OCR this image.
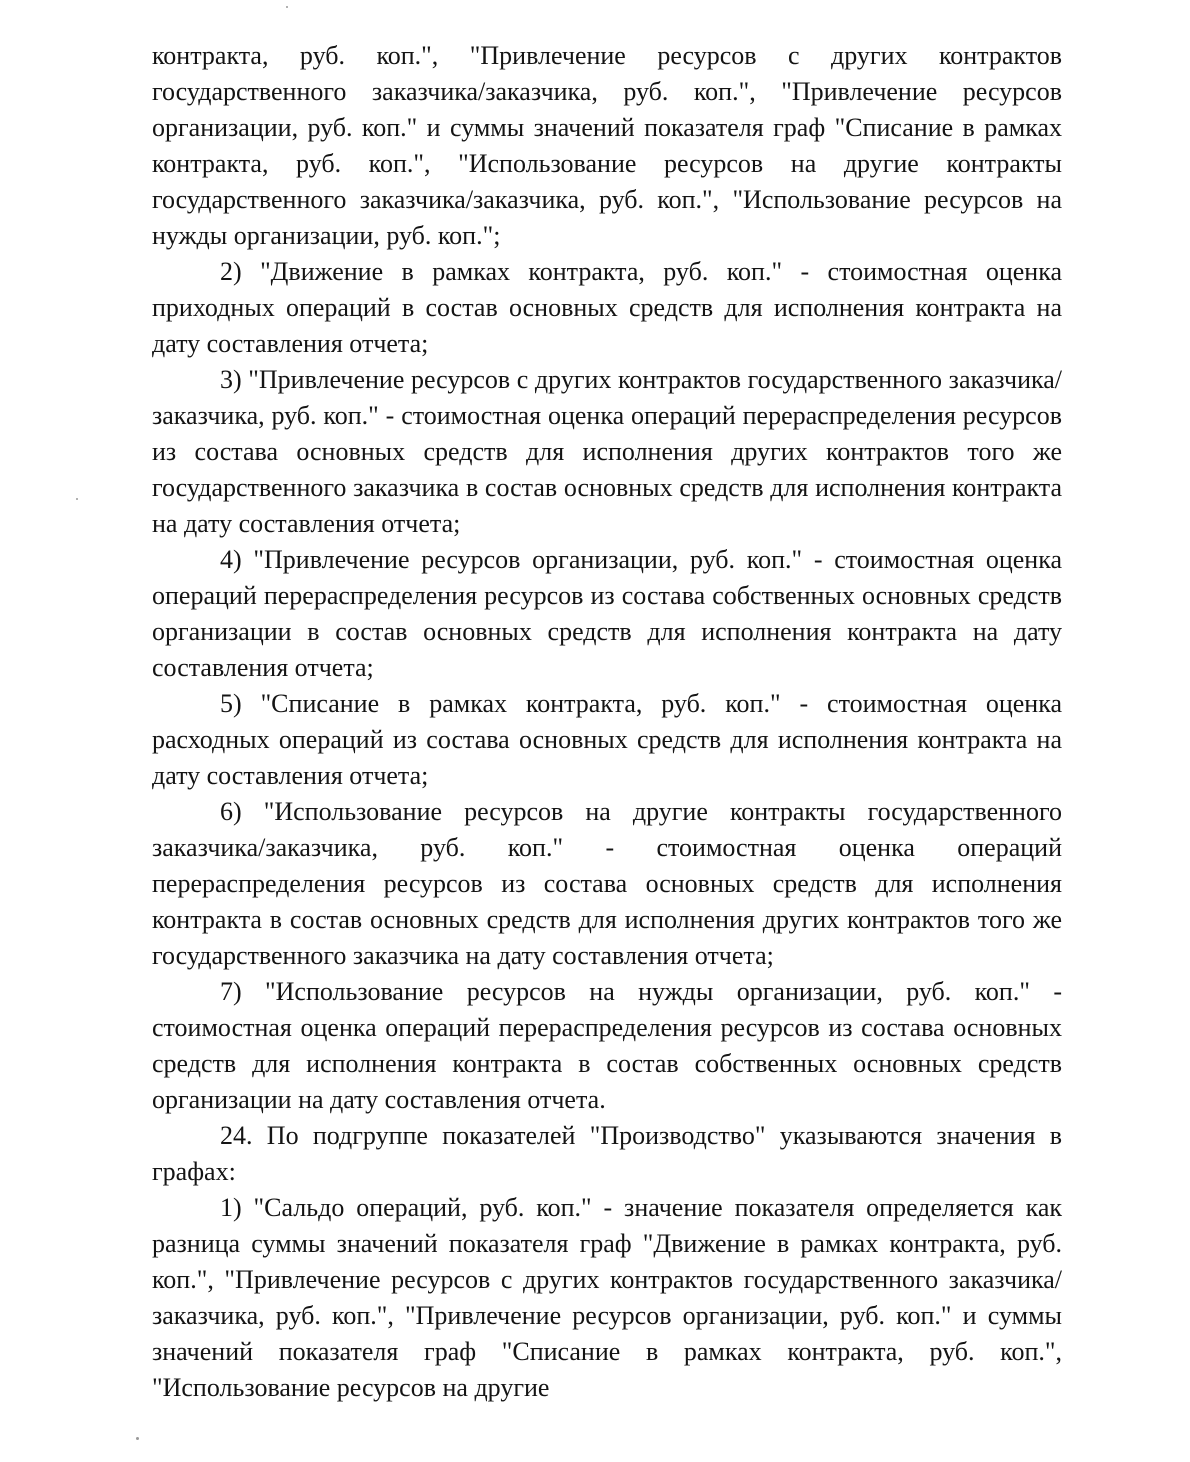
контракта, руб. коп.", "Привлечение ресурсов с других контрактов государственного заказчика/заказчика, руб. коп.", "Привлечение ресурсов организации, руб. коп." и суммы значений показателя граф "Списание в рамках контракта, руб. коп.", "Использование ресурсов на другие контракты государственного заказчика/заказчика, руб. коп.", "Использование ресурсов на нужды организации, руб. коп.";

2) "Движение в рамках контракта, руб. коп." - стоимостная оценка приходных операций в состав основных средств для исполнения контракта на дату составления отчета;

3) "Привлечение ресурсов с других контрактов государственного заказчика/заказчика, руб. коп." - стоимостная оценка операций перераспределения ресурсов из состава основных средств для исполнения других контрактов того же государственного заказчика в состав основных средств для исполнения контракта на дату составления отчета;

4) "Привлечение ресурсов организации, руб. коп." - стоимостная оценка операций перераспределения ресурсов из состава собственных основных средств организации в состав основных средств для исполнения контракта на дату составления отчета;

5) "Списание в рамках контракта, руб. коп." - стоимостная оценка расходных операций из состава основных средств для исполнения контракта на дату составления отчета;

6) "Использование ресурсов на другие контракты государственного заказчика/заказчика, руб. коп." - стоимостная оценка операций перераспределения ресурсов из состава основных средств для исполнения контракта в состав основных средств для исполнения других контрактов того же государственного заказчика на дату составления отчета;

7) "Использование ресурсов на нужды организации, руб. коп." - стоимостная оценка операций перераспределения ресурсов из состава основных средств для исполнения контракта в состав собственных основных средств организации на дату составления отчета.

24. По подгруппе показателей "Производство" указываются значения в графах:

1) "Сальдо операций, руб. коп." - значение показателя определяется как разница суммы значений показателя граф "Движение в рамках контракта, руб. коп.", "Привлечение ресурсов с других контрактов государственного заказчика/заказчика, руб. коп.", "Привлечение ресурсов организации, руб. коп." и суммы значений показателя граф "Списание в рамках контракта, руб. коп.", "Использование ресурсов на другие
